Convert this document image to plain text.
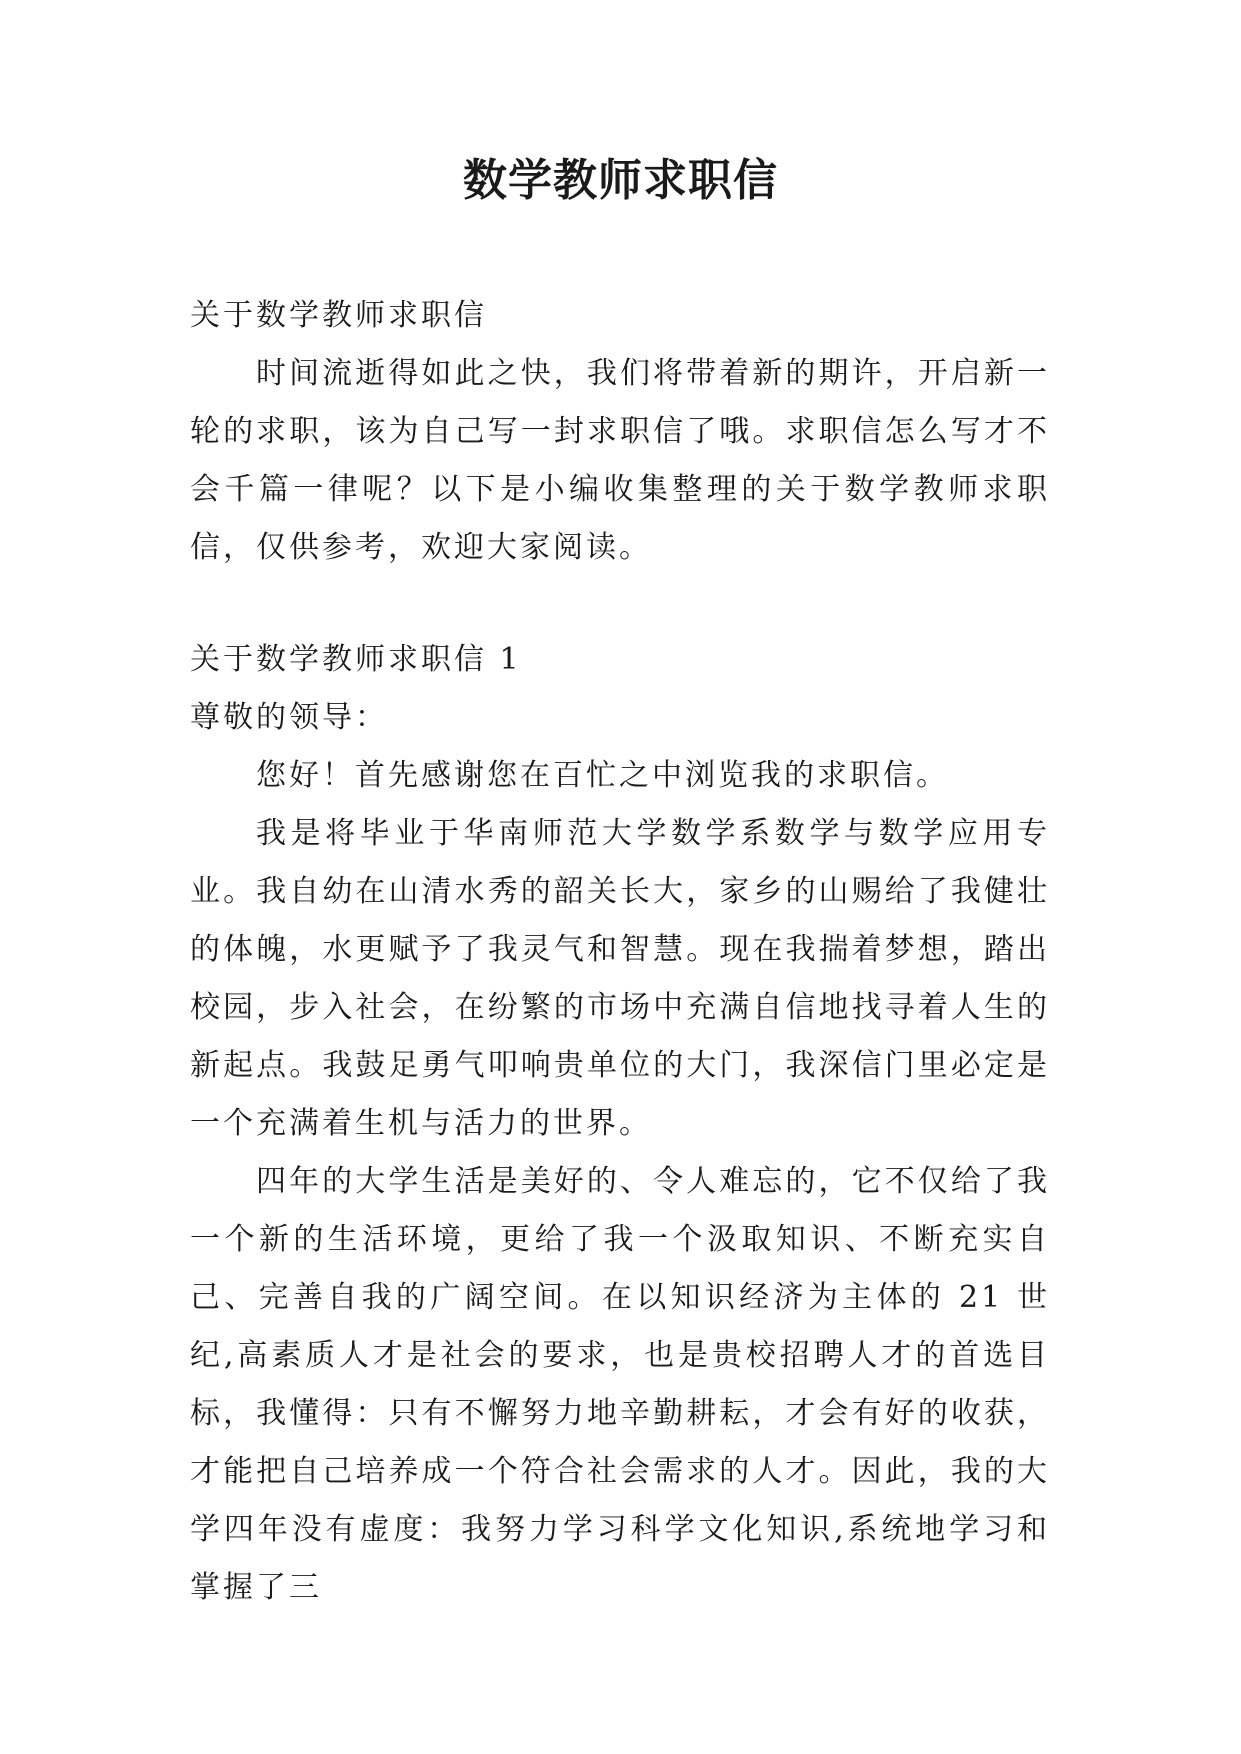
数学教师求职信

关于数学教师求职信

时间流逝得如此之快，我们将带着新的期许，开启新一轮的求职，该为自己写一封求职信了哦。求职信怎么写才不会千篇一律呢？以下是小编收集整理的关于数学教师求职信，仅供参考，欢迎大家阅读。

关于数学教师求职信 1

尊敬的领导：

您好！首先感谢您在百忙之中浏览我的求职信。

我是将毕业于华南师范大学数学系数学与数学应用专业。我自幼在山清水秀的韶关长大，家乡的山赐给了我健壮的体魄，水更赋予了我灵气和智慧。现在我揣着梦想，踏出校园，步入社会，在纷繁的市场中充满自信地找寻着人生的新起点。我鼓足勇气叩响贵单位的大门，我深信门里必定是一个充满着生机与活力的世界。

四年的大学生活是美好的、令人难忘的，它不仅给了我一个新的生活环境，更给了我一个汲取知识、不断充实自己、完善自我的广阔空间。在以知识经济为主体的 21 世纪,高素质人才是社会的要求，也是贵校招聘人才的首选目标，我懂得：只有不懈努力地辛勤耕耘，才会有好的收获，才能把自己培养成一个符合社会需求的人才。因此，我的大学四年没有虚度：我努力学习科学文化知识,系统地学习和掌握了三
